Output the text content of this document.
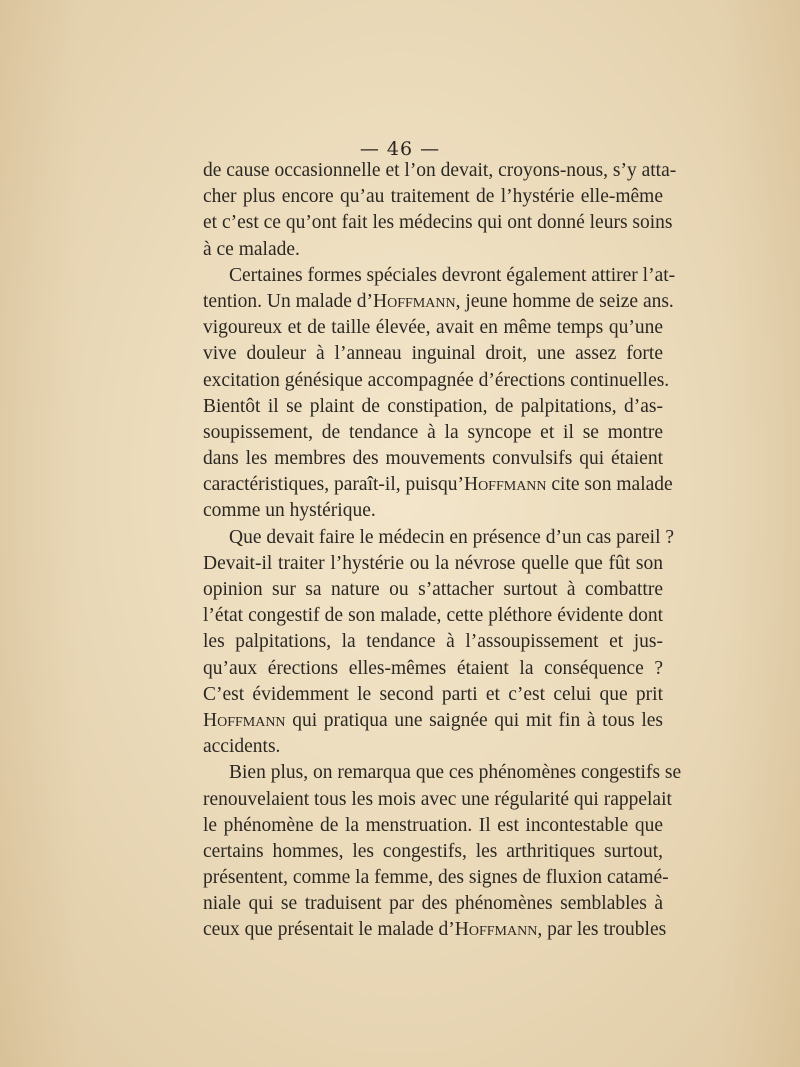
— 46 —
de cause occasionnelle et l’on devait, croyons-nous, s’y atta-
cher plus encore qu’au traitement de l’hystérie elle-même
et c’est ce qu’ont fait les médecins qui ont donné leurs soins
à ce malade.
Certaines formes spéciales devront également attirer l’at-
tention. Un malade d’Hoffmann, jeune homme de seize ans.
vigoureux et de taille élevée, avait en même temps qu’une
vive douleur à l’anneau inguinal droit, une assez forte
excitation génésique accompagnée d’érections continuelles.
Bientôt il se plaint de constipation, de palpitations, d’as-
soupissement, de tendance à la syncope et il se montre
dans les membres des mouvements convulsifs qui étaient
caractéristiques, paraît-il, puisqu’Hoffmann cite son malade
comme un hystérique.
Que devait faire le médecin en présence d’un cas pareil ?
Devait-il traiter l’hystérie ou la névrose quelle que fût son
opinion sur sa nature ou s’attacher surtout à combattre
l’état congestif de son malade, cette pléthore évidente dont
les palpitations, la tendance à l’assoupissement et jus-
qu’aux érections elles-mêmes étaient la conséquence ?
C’est évidemment le second parti et c’est celui que prit
Hoffmann qui pratiqua une saignée qui mit fin à tous les
accidents.
Bien plus, on remarqua que ces phénomènes congestifs se
renouvelaient tous les mois avec une régularité qui rappelait
le phénomène de la menstruation. Il est incontestable que
certains hommes, les congestifs, les arthritiques surtout,
présentent, comme la femme, des signes de fluxion catamé-
niale qui se traduisent par des phénomènes semblables à
ceux que présentait le malade d’Hoffmann, par les troubles
